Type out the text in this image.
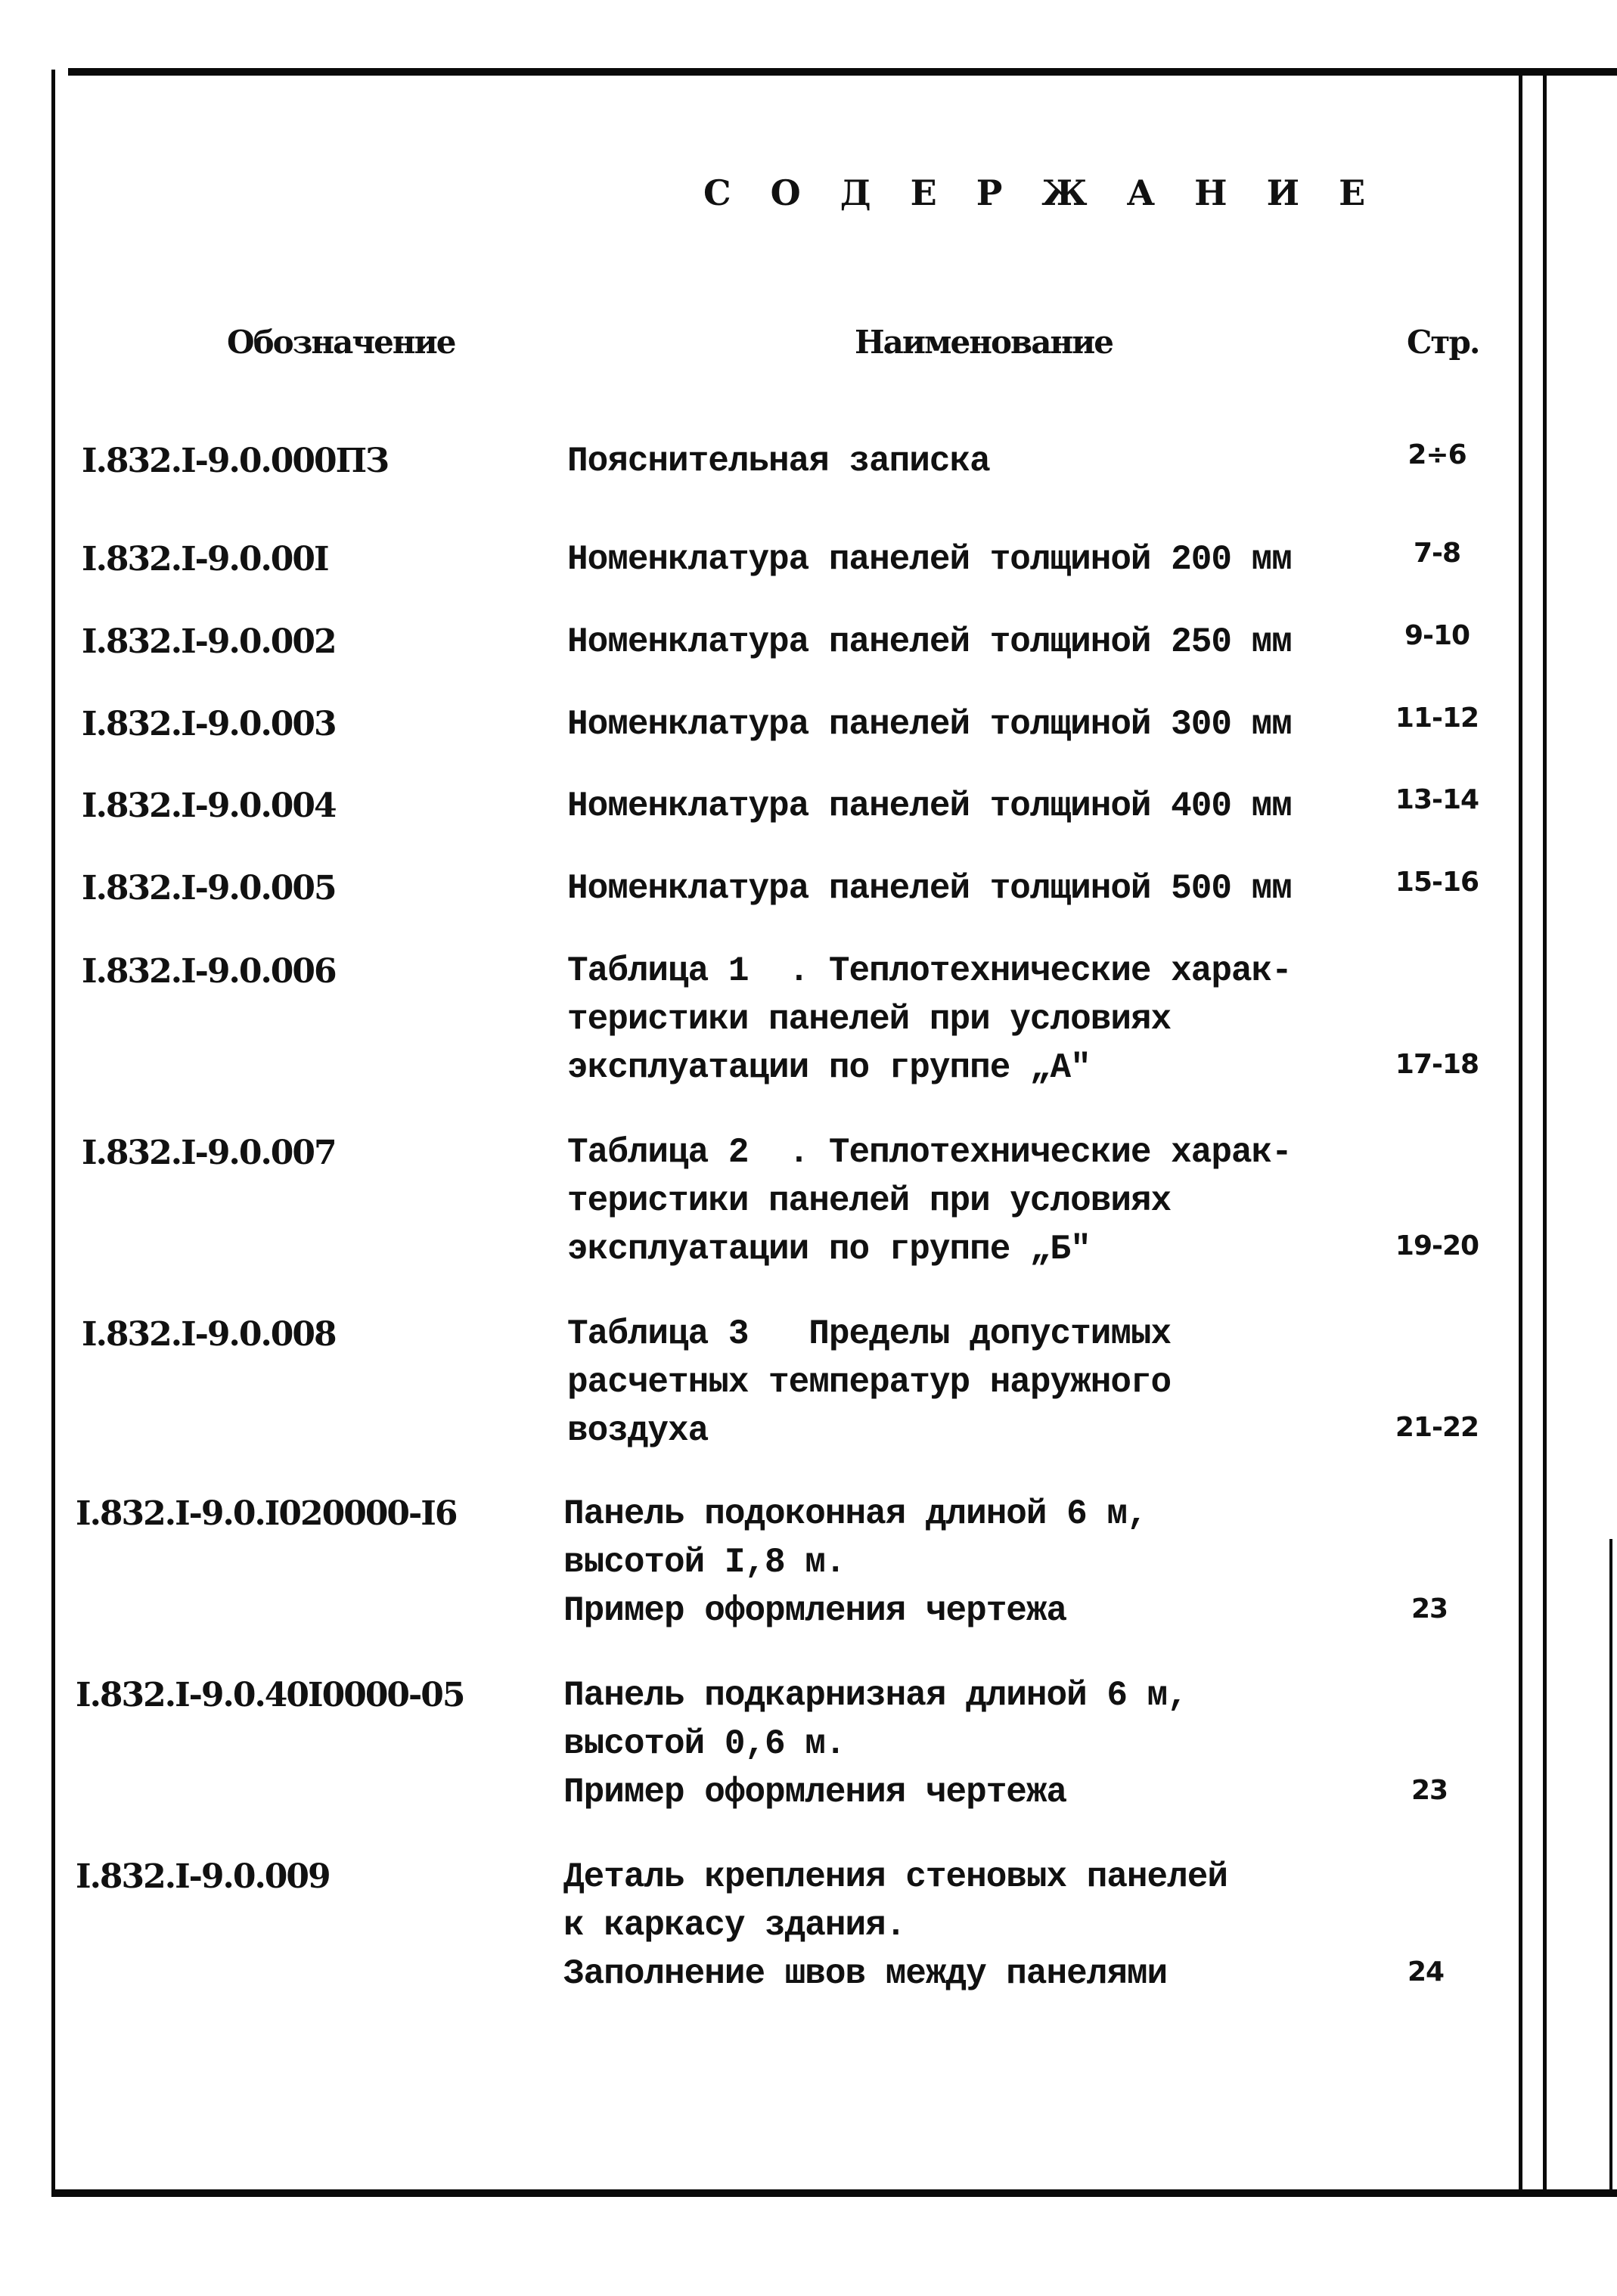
С О Д Е Р Ж А Н И Е
Обозначение	Наименование	Стр.
I.832.I-9.0.000ПЗ	Пояснительная записка	2÷6
I.832.I-9.0.00I	Номенклатура панелей толщиной 200 мм	7-8
I.832.I-9.0.002	Номенклатура панелей толщиной 250 мм	9-10
I.832.I-9.0.003	Номенклатура панелей толщиной 300 мм	11-12
I.832.I-9.0.004	Номенклатура панелей толщиной 400 мм	13-14
I.832.I-9.0.005	Номенклатура панелей толщиной 500 мм	15-16
I.832.I-9.0.006	Таблица 1  . Теплотехнические харак-
теристики панелей при условиях
эксплуатации по группе „А"	17-18
I.832.I-9.0.007	Таблица 2  . Теплотехнические харак-
теристики панелей при условиях
эксплуатации по группе „Б"	19-20
I.832.I-9.0.008	Таблица 3   Пределы допустимых
расчетных температур наружного
воздуха	21-22
I.832.I-9.0.I020000-I6	Панель подоконная длиной 6 м,
высотой I,8 м.
Пример оформления чертежа	23
I.832.I-9.0.40I0000-05	Панель подкарнизная длиной 6 м,
высотой 0,6 м.
Пример оформления чертежа	23
I.832.I-9.0.009	Деталь крепления стеновых панелей
к каркасу здания.
Заполнение швов между панелями	24
